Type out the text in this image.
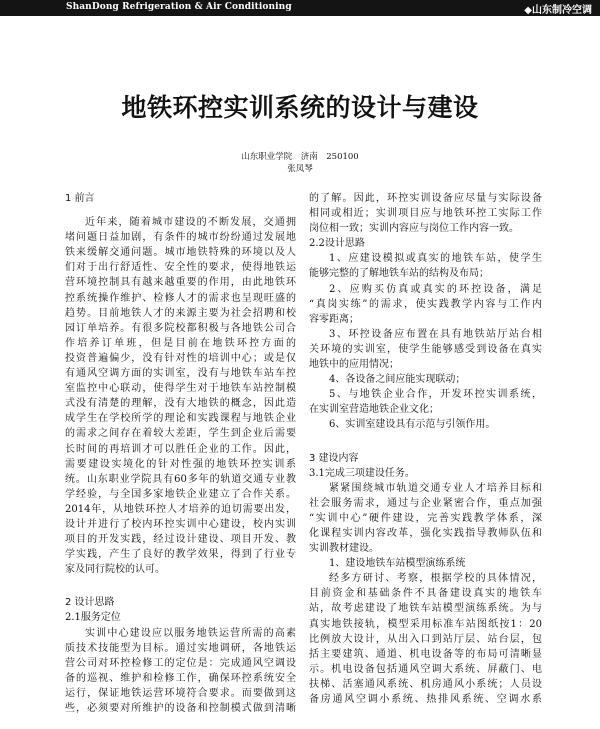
ShanDong Refrigeration & Air Conditioning	◆山东制冷空调
地铁环控实训系统的设计与建设
山东职业学院　济南　250100
张凤琴
1 前言
近年来，随着城市建设的不断发展，交通拥
堵问题日益加剧，有条件的城市纷纷通过发展地
铁来缓解交通问题。城市地铁特殊的环境以及人
们对于出行舒适性、安全性的要求，使得地铁运
营环境控制具有越来越重要的作用，由此地铁环
控系统操作维护、检修人才的需求也呈现旺盛的
趋势。目前地铁人才的来源主要为社会招聘和校
园订单培养。有很多院校都积极与各地铁公司合
作培养订单班，但是目前在地铁环控方面的
投资普遍偏少，没有针对性的培训中心；或是仅
有通风空调方面的实训室，没有与地铁车站车控
室监控中心联动，使得学生对于地铁车站控制模
式没有清楚的理解，没有大地铁的概念，因此造
成学生在学校所学的理论和实践课程与地铁企业
的需求之间存在着较大差距，学生到企业后需要
长时间的再培训才可以胜任企业的工作。因此，
需要建设实境化的针对性强的地铁环控实训系
统。山东职业学院具有60多年的轨道交通专业教
学经验，与全国多家地铁企业建立了合作关系。
2014年，从地铁环控人才培养的迫切需要出发，
设计并进行了校内环控实训中心建设，校内实训
项目的开发实践，经过设计建设、项目开发、教
学实践，产生了良好的教学效果，得到了行业专
家及同行院校的认可。
2 设计思路
2.1服务定位
实训中心建设应以服务地铁运营所需的高素
质技术技能型为目标。通过实地调研，各地铁运
营公司对环控检修工的定位是：完成通风空调设
备的巡视、维护和检修工作，确保环控系统安全
运行，保证地铁运营环境符合要求。而要做到这
些，必须要对所维护的设备和控制模式做到清晰
的了解。因此，环控实训设备应尽量与实际设备
相同或相近；实训项目应与地铁环控工实际工作
岗位相一致；实训内容应与岗位工作内容一致。
2.2设计思路
1、应建设模拟或真实的地铁车站，使学生
能够完整的了解地铁车站的结构及布局；
2、应购买仿真或真实的环控设备，满足
“真岗实练”的需求，使实践教学内容与工作内
容零距离；
3、环控设备应布置在具有地铁站厅站台相
关环境的实训室，使学生能够感受到设备在真实
地铁中的应用情况；
4、各设备之间应能实现联动；
5、与地铁企业合作，开发环控实训系统，
在实训室营造地铁企业文化；
6、实训室建设具有示范与引领作用。
3 建设内容
3.1完成三项建设任务。
紧紧围绕城市轨道交通专业人才培养目标和
社会服务需求，通过与企业紧密合作，重点加强
“实训中心”硬件建设，完善实践教学体系，深
化课程实训内容改革，强化实践指导教师队伍和
实训教材建设。
1、建设地铁车站模型演练系统
经多方研讨、考察，根据学校的具体情况，
目前资金和基础条件不具备建设真实的地铁车
站，故考虑建设了地铁车站模型演练系统。为与
真实地铁接轨，模型采用标准车站图纸按1：20
比例放大设计，从出入口到站厅层、站台层，包
括主要建筑、通道、机电设备等的布局可清晰显
示。机电设备包括通风空调大系统、屏蔽门、电
扶梯、活塞通风系统、机房通风小系统；人员设
备房通风空调小系统、热排风系统、空调水系
